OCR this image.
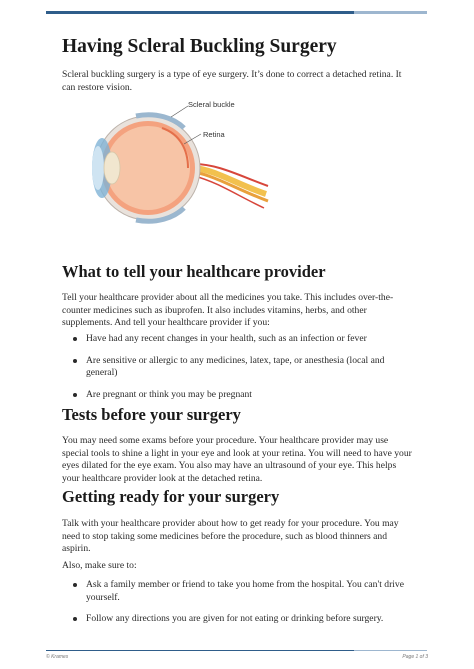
Having Scleral Buckling Surgery

Scleral buckling surgery is a type of eye surgery. It’s done to correct a detached retina. It can restore vision.

Scleral buckle
Retina
What to tell your healthcare provider

Tell your healthcare provider about all the medicines you take. This includes over-the-counter medicines such as ibuprofen. It also includes vitamins, herbs, and other supplements. And tell your healthcare provider if you:

Have had any recent changes in your health, such as an infection or fever
Are sensitive or allergic to any medicines, latex, tape, or anesthesia (local and general)
Are pregnant or think you may be pregnant
Tests before your surgery

You may need some exams before your procedure. Your healthcare provider may use special tools to shine a light in your eye and look at your retina. You will need to have your eyes dilated for the eye exam. You also may have an ultrasound of your eye. This helps your healthcare provider look at the detached retina.

Getting ready for your surgery

Talk with your healthcare provider about how to get ready for your procedure. You may need to stop taking some medicines before the procedure, such as blood thinners and aspirin.

Also, make sure to:

Ask a family member or friend to take you home from the hospital. You can't drive yourself.
Follow any directions you are given for not eating or drinking before surgery.
© Krames	Page 1 of 3
